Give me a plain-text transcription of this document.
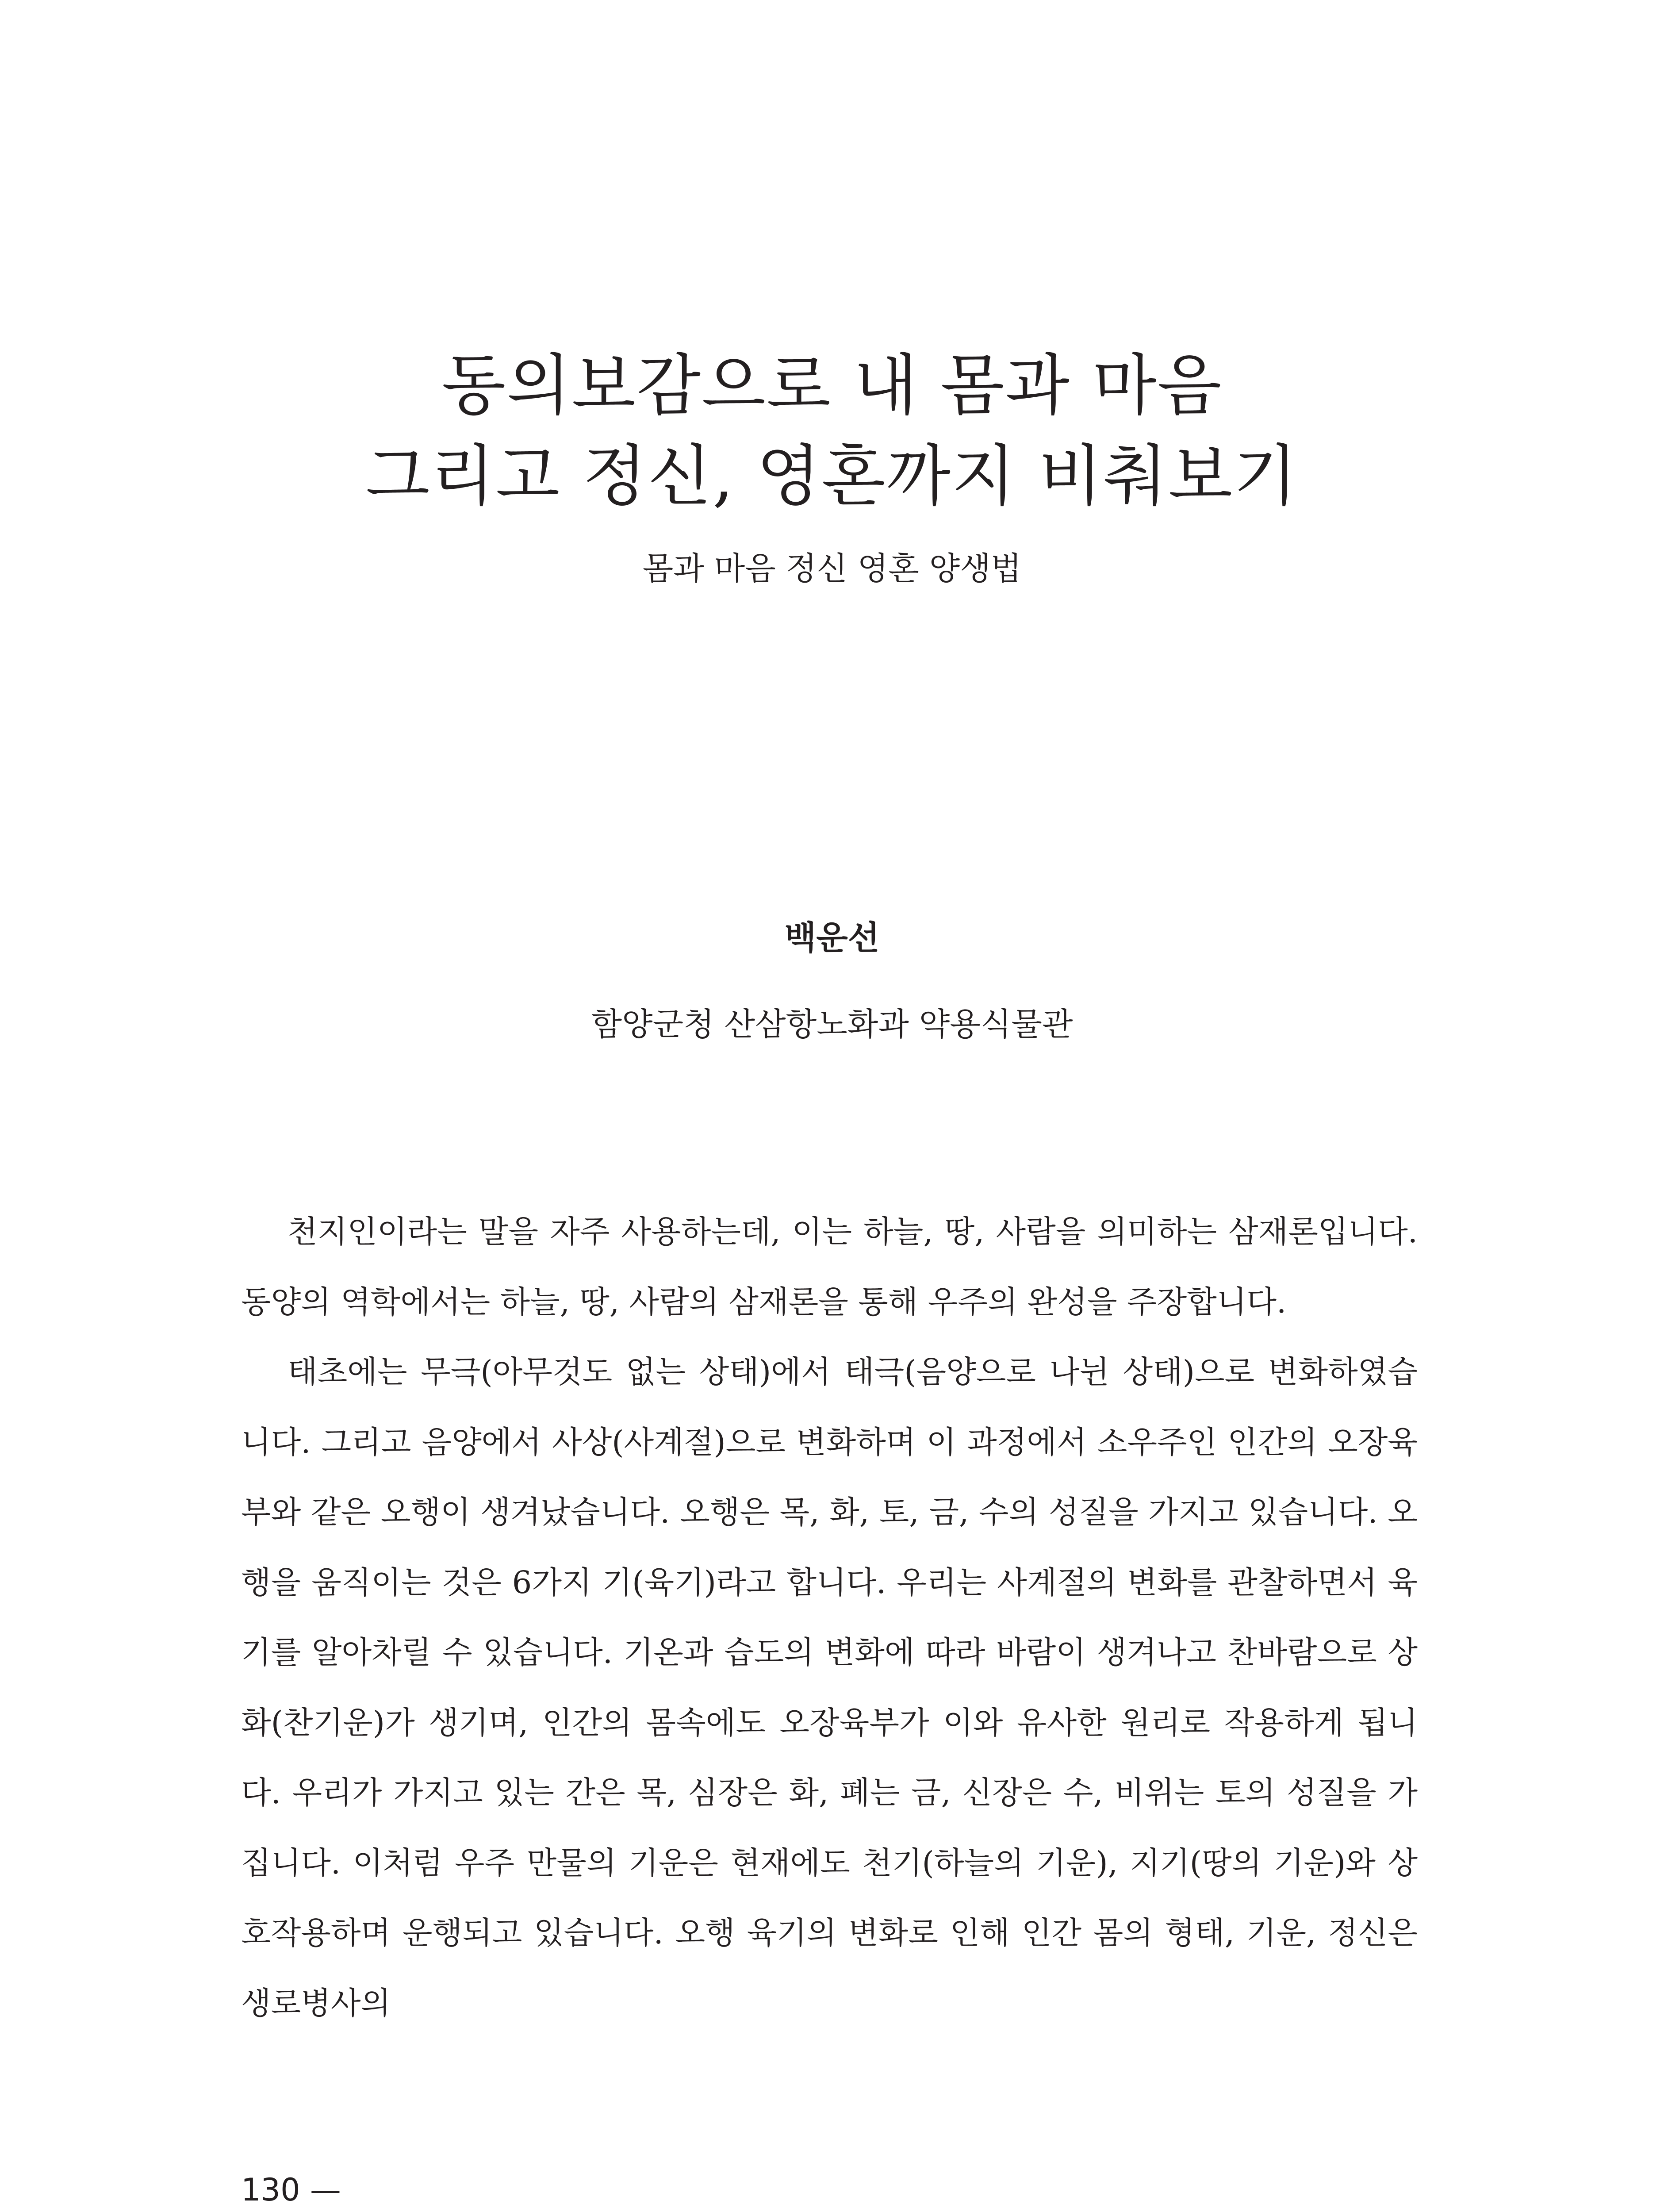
동의보감으로 내 몸과 마음
그리고 정신, 영혼까지 비춰보기
몸과 마음 정신 영혼 양생법
백운선
함양군청 산삼항노화과 약용식물관

천지인이라는 말을 자주 사용하는데, 이는 하늘, 땅, 사람을 의미하는 삼재론입니다. 동양의 역학에서는 하늘, 땅, 사람의 삼재론을 통해 우주의 완성을 주장합니다.

태초에는 무극(아무것도 없는 상태)에서 태극(음양으로 나뉜 상태)으로 변화하였습니다. 그리고 음양에서 사상(사계절)으로 변화하며 이 과정에서 소우주인 인간의 오장육부와 같은 오행이 생겨났습니다. 오행은 목, 화, 토, 금, 수의 성질을 가지고 있습니다. 오행을 움직이는 것은 6가지 기(육기)라고 합니다. 우리는 사계절의 변화를 관찰하면서 육기를 알아차릴 수 있습니다. 기온과 습도의 변화에 따라 바람이 생겨나고 찬바람으로 상화(찬기운)가 생기며, 인간의 몸속에도 오장육부가 이와 유사한 원리로 작용하게 됩니다. 우리가 가지고 있는 간은 목, 심장은 화, 폐는 금, 신장은 수, 비위는 토의 성질을 가집니다. 이처럼 우주 만물의 기운은 현재에도 천기(하늘의 기운), 지기(땅의 기운)와 상호작용하며 운행되고 있습니다. 오행 육기의 변화로 인해 인간 몸의 형태, 기운, 정신은 생로병사의

130 —
